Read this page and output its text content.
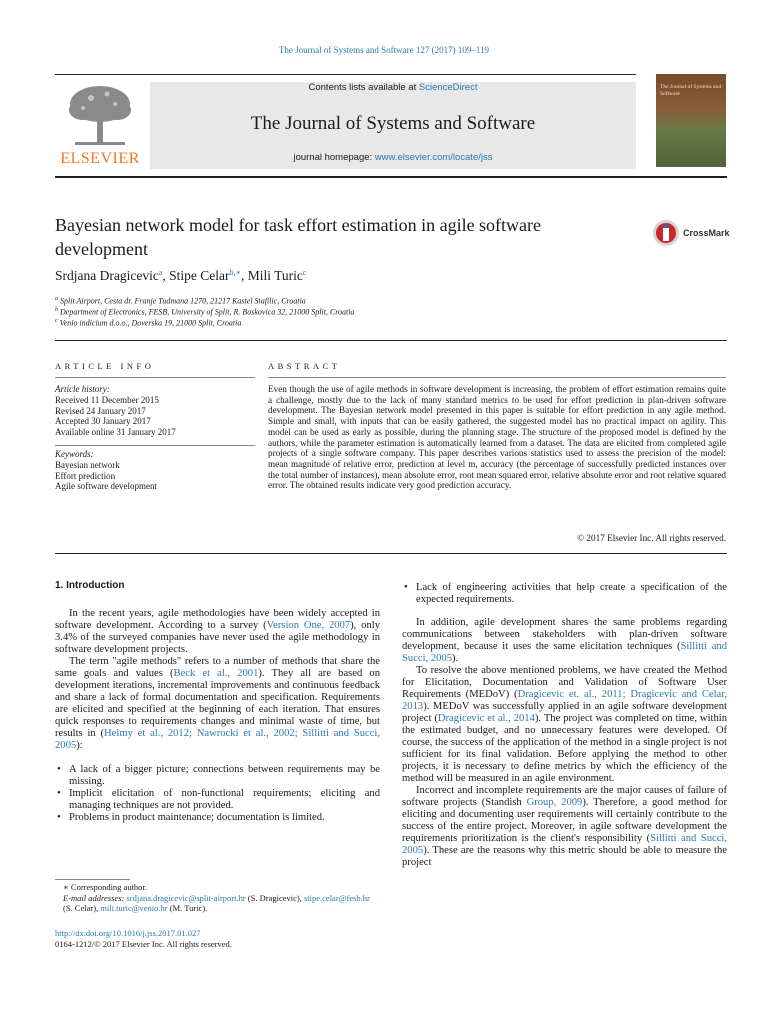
The Journal of Systems and Software 127 (2017) 109–119
ELSEVIER
Contents lists available at ScienceDirect
The Journal of Systems and Software
journal homepage: www.elsevier.com/locate/jss
The Journal of Systems and Software
Bayesian network model for task effort estimation in agile software development
CrossMark
Srdjana Dragicevic$^a$, Stipe Celar$^{b,∗}$, Mili Turic$^c$
$^a$ Split Airport, Cesta dr. Franje Tudmana 1270, 21217 Kastel Stafilic, Croatia
$^b$ Department of Electronics, FESB, University of Split, R. Boskovica 32, 21000 Split, Croatia
$^c$ Venio indicium d.o.o., Doverska 19, 21000 Split, Croatia
ARTICLE INFO
Article history:
Received 11 December 2015
Revised 24 January 2017
Accepted 30 January 2017
Available online 31 January 2017
Keywords:
Bayesian network
Effort prediction
Agile software development
ABSTRACT
Even though the use of agile methods in software development is increasing, the problem of effort estimation remains quite a challenge, mostly due to the lack of many standard metrics to be used for effort prediction in plan-driven software development. The Bayesian network model presented in this paper is suitable for effort prediction in any agile method. Simple and small, with inputs that can be easily gathered, the suggested model has no practical impact on agility. This model can be used as early as possible, during the planning stage. The structure of the proposed model is defined by the authors, while the parameter estimation is automatically learned from a dataset. The data are elicited from completed agile projects of a single software company. This paper describes various statistics used to assess the precision of the model: mean magnitude of relative error, prediction at level m, accuracy (the percentage of successfully predicted instances over the total number of instances), mean absolute error, root mean squared error, relative absolute error and root relative squared error. The obtained results indicate very good prediction accuracy.
© 2017 Elsevier Inc. All rights reserved.
1. Introduction

In the recent years, agile methodologies have been widely accepted in software development. According to a survey (Version One, 2007), only 3.4% of the surveyed companies have never used the agile methodology in software development projects.

The term "agile methods" refers to a number of methods that share the same goals and values (Beck et al., 2001). They all are based on development iterations, incremental improvements and continuous feedback and share a lack of formal documentation and specification. Requirements are elicited and specified at the beginning of each iteration. That ensures quick responses to requirements changes and minimal waste of time, but results in (Helmy et al., 2012; Nawrocki et al., 2002; Sillitti and Succi, 2005):

• A lack of a bigger picture; connections between requirements may be missing.
• Implicit elicitation of non-functional requirements; eliciting and managing techniques are not provided.
• Problems in product maintenance; documentation is limited.
∗ Corresponding author.
E-mail addresses: srdjana.dragicevic@split-airport.hr (S. Dragicevic), stipe.celar@fesb.hr (S. Celar), mili.turic@venio.hr (M. Turic).
http://dx.doi.org/10.1016/j.jss.2017.01.027
0164-1212/© 2017 Elsevier Inc. All rights reserved.
• Lack of engineering activities that help create a specification of the expected requirements.

In addition, agile development shares the same problems regarding communications between stakeholders with plan-driven software development, because it uses the same elicitation techniques (Sillitti and Succi, 2005).

To resolve the above mentioned problems, we have created the Method for Elicitation, Documentation and Validation of Software User Requirements (MEDoV) (Dragicevic et. al., 2011; Dragicevic and Celar, 2013). MEDoV was successfully applied in an agile software development project (Dragicevic et al., 2014). The project was completed on time, within the estimated budget, and no unnecessary features were developed. Of course, the success of the application of the method in a single project is not sufficient for its final validation. Before applying the method to other projects, it is necessary to define metrics by which the efficiency of the method will be measured in an agile environment.

Incorrect and incomplete requirements are the major causes of failure of software projects (Standish Group, 2009). Therefore, a good method for eliciting and documenting user requirements will certainly contribute to the success of the entire project. Moreover, in agile software development the requirements prioritization is the client's responsibility (Sillitti and Succi, 2005). These are the reasons why this metric should be able to measure the project
